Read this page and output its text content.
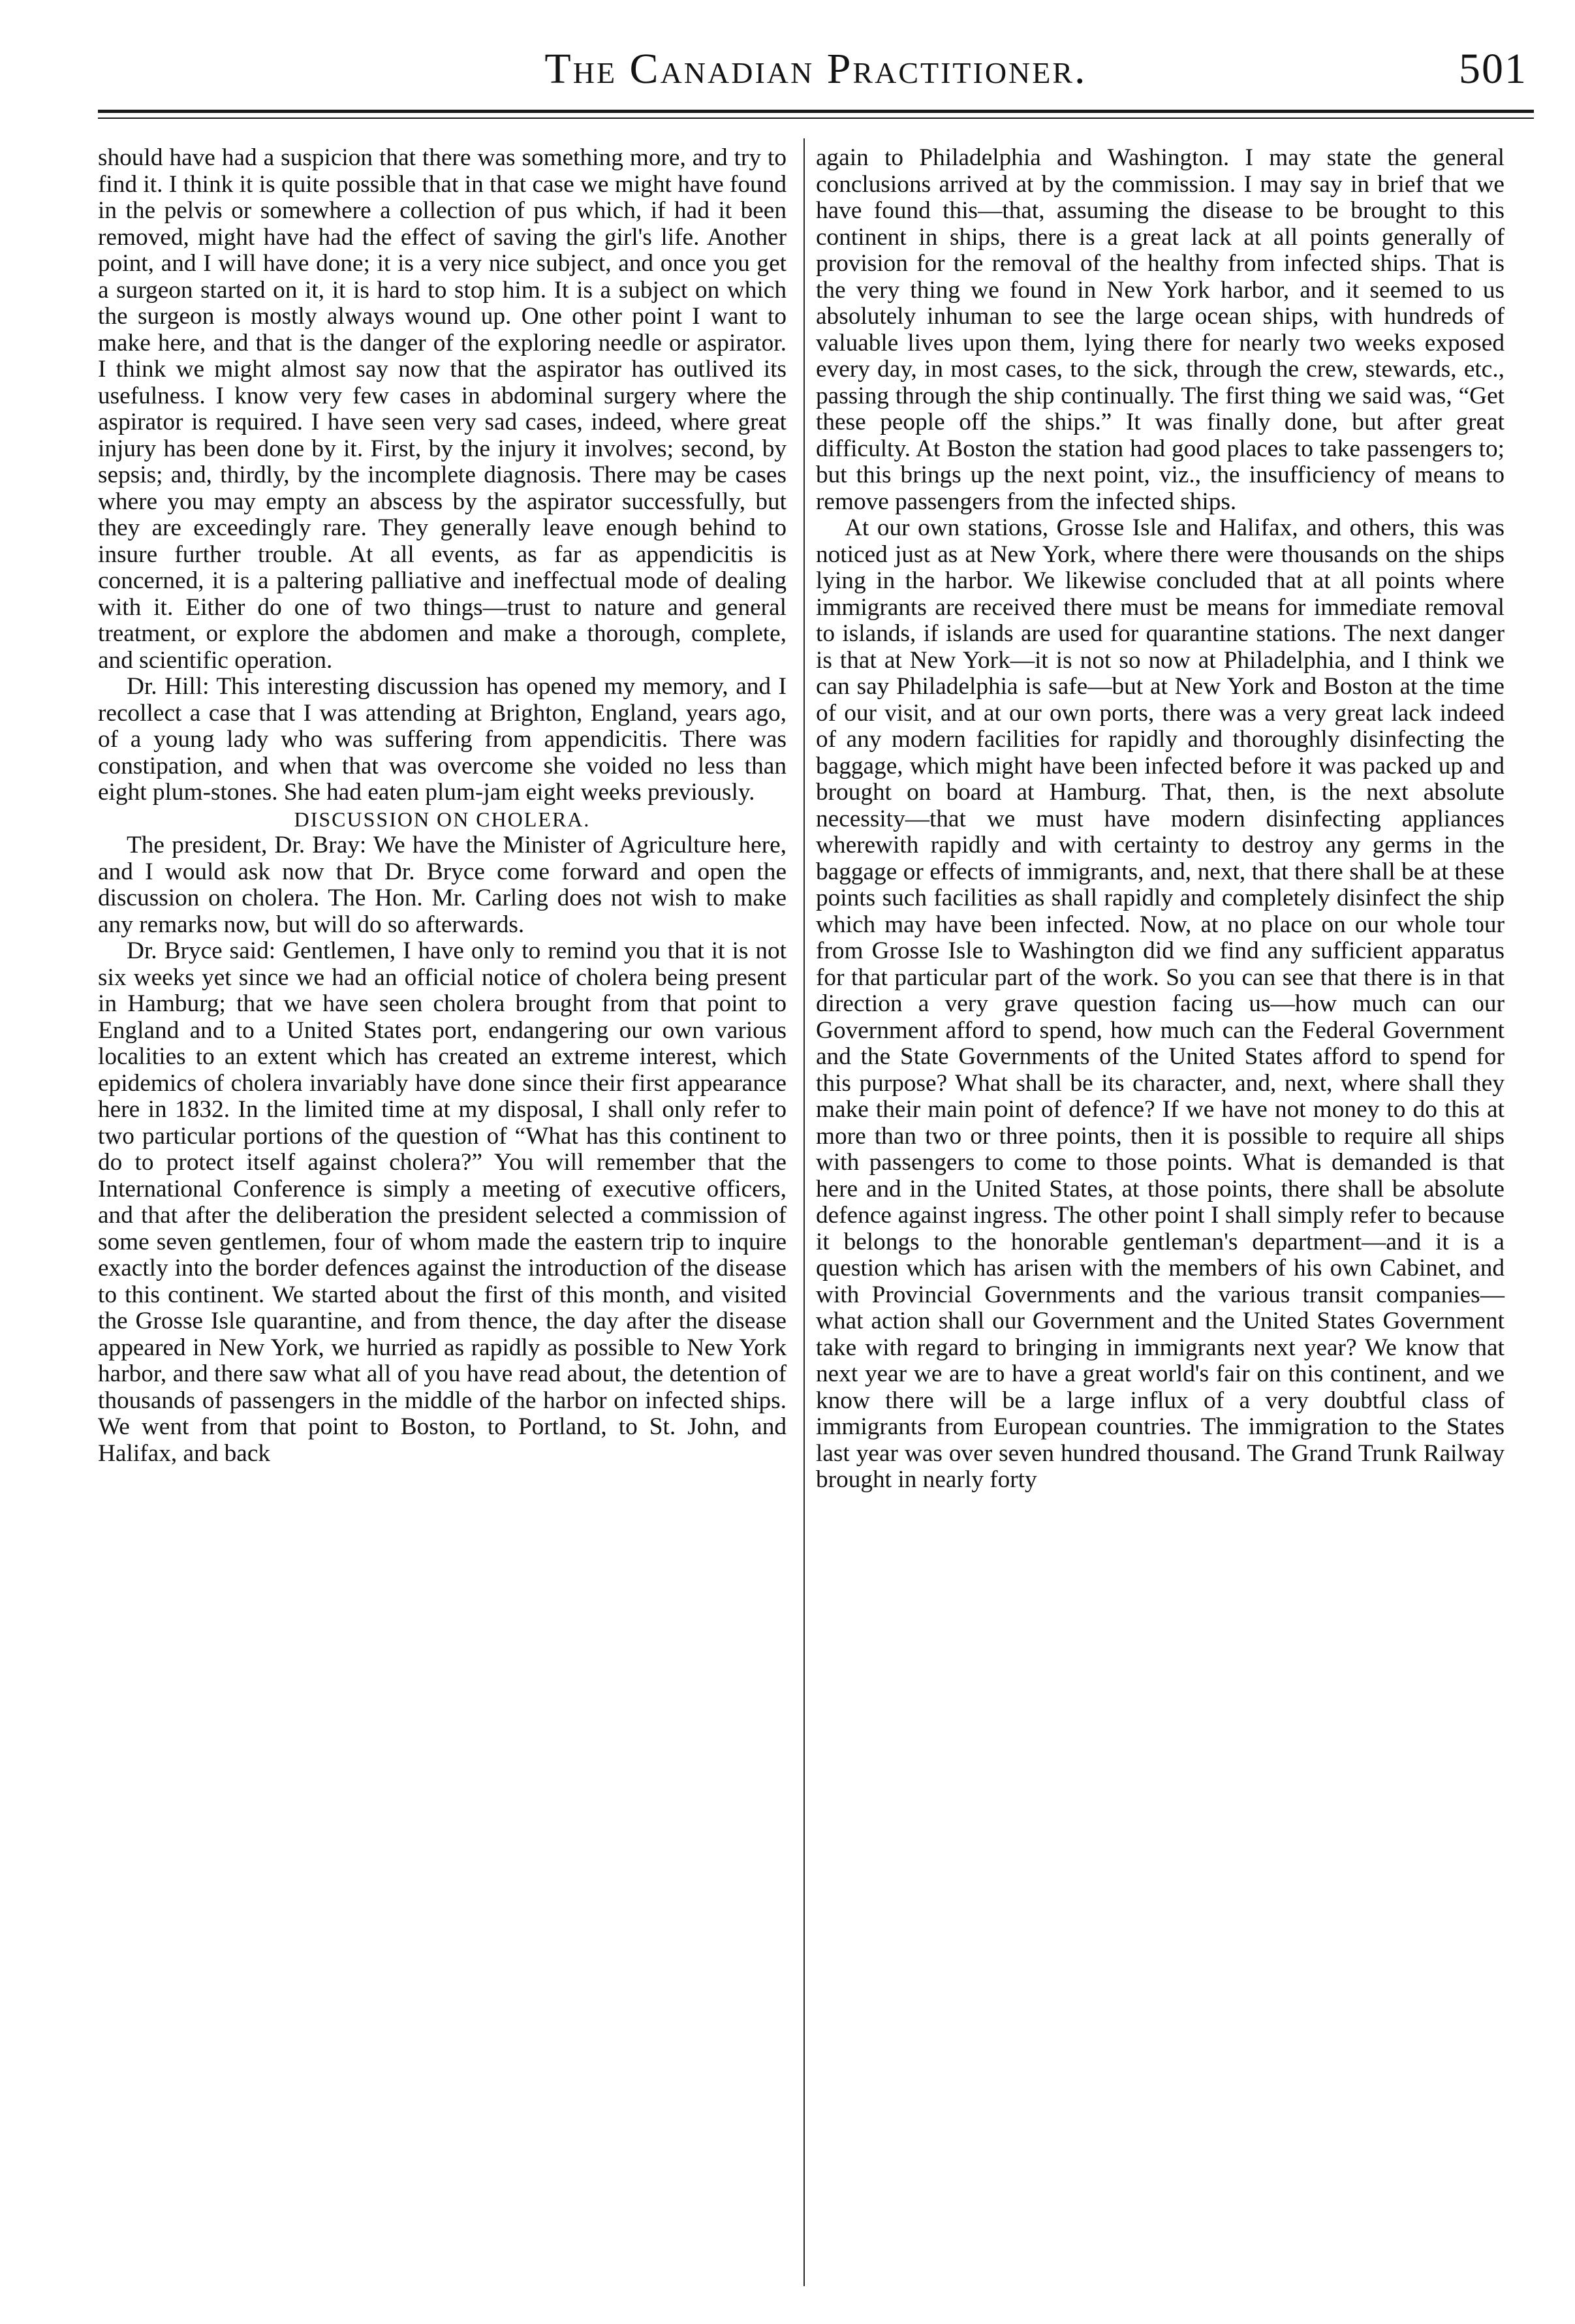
The Canadian Practitioner.	501

should have had a suspicion that there was something more, and try to find it. I think it is quite possible that in that case we might have found in the pelvis or somewhere a collection of pus which, if had it been removed, might have had the effect of saving the girl's life. Another point, and I will have done; it is a very nice subject, and once you get a surgeon started on it, it is hard to stop him. It is a subject on which the surgeon is mostly always wound up. One other point I want to make here, and that is the danger of the exploring needle or aspirator. I think we might almost say now that the aspirator has outlived its usefulness. I know very few cases in abdominal surgery where the aspirator is required. I have seen very sad cases, indeed, where great injury has been done by it. First, by the injury it involves; second, by sepsis; and, thirdly, by the incomplete diagnosis. There may be cases where you may empty an abscess by the aspirator successfully, but they are exceedingly rare. They generally leave enough behind to insure further trouble. At all events, as far as appendicitis is concerned, it is a paltering palliative and ineffectual mode of dealing with it. Either do one of two things—trust to nature and general treatment, or explore the abdomen and make a thorough, complete, and scientific operation.

Dr. Hill: This interesting discussion has opened my memory, and I recollect a case that I was attending at Brighton, England, years ago, of a young lady who was suffering from appendicitis. There was constipation, and when that was overcome she voided no less than eight plum-stones. She had eaten plum-jam eight weeks previously.

DISCUSSION ON CHOLERA.

The president, Dr. Bray: We have the Minister of Agriculture here, and I would ask now that Dr. Bryce come forward and open the discussion on cholera. The Hon. Mr. Carling does not wish to make any remarks now, but will do so afterwards.

Dr. Bryce said: Gentlemen, I have only to remind you that it is not six weeks yet since we had an official notice of cholera being present in Hamburg; that we have seen cholera brought from that point to England and to a United States port, endangering our own various localities to an extent which has created an extreme interest, which epidemics of cholera invariably have done since their first appearance here in 1832. In the limited time at my disposal, I shall only refer to two particular portions of the question of “What has this continent to do to protect itself against cholera?” You will remember that the International Conference is simply a meeting of executive officers, and that after the deliberation the president selected a commission of some seven gentlemen, four of whom made the eastern trip to inquire exactly into the border defences against the introduction of the disease to this continent. We started about the first of this month, and visited the Grosse Isle quarantine, and from thence, the day after the disease appeared in New York, we hurried as rapidly as possible to New York harbor, and there saw what all of you have read about, the detention of thousands of passengers in the middle of the harbor on infected ships. We went from that point to Boston, to Portland, to St. John, and Halifax, and back

again to Philadelphia and Washington. I may state the general conclusions arrived at by the commission. I may say in brief that we have found this—that, assuming the disease to be brought to this continent in ships, there is a great lack at all points generally of provision for the removal of the healthy from infected ships. That is the very thing we found in New York harbor, and it seemed to us absolutely inhuman to see the large ocean ships, with hundreds of valuable lives upon them, lying there for nearly two weeks exposed every day, in most cases, to the sick, through the crew, stewards, etc., passing through the ship continually. The first thing we said was, “Get these people off the ships.” It was finally done, but after great difficulty. At Boston the station had good places to take passengers to; but this brings up the next point, viz., the insufficiency of means to remove passengers from the infected ships.

At our own stations, Grosse Isle and Halifax, and others, this was noticed just as at New York, where there were thousands on the ships lying in the harbor. We likewise concluded that at all points where immigrants are received there must be means for immediate removal to islands, if islands are used for quarantine stations. The next danger is that at New York—it is not so now at Philadelphia, and I think we can say Philadelphia is safe—but at New York and Boston at the time of our visit, and at our own ports, there was a very great lack indeed of any modern facilities for rapidly and thoroughly disinfecting the baggage, which might have been infected before it was packed up and brought on board at Hamburg. That, then, is the next absolute necessity—that we must have modern disinfecting appliances wherewith rapidly and with certainty to destroy any germs in the baggage or effects of immigrants, and, next, that there shall be at these points such facilities as shall rapidly and completely disinfect the ship which may have been infected. Now, at no place on our whole tour from Grosse Isle to Washington did we find any sufficient apparatus for that particular part of the work. So you can see that there is in that direction a very grave question facing us—how much can our Government afford to spend, how much can the Federal Government and the State Governments of the United States afford to spend for this purpose? What shall be its character, and, next, where shall they make their main point of defence? If we have not money to do this at more than two or three points, then it is possible to require all ships with passengers to come to those points. What is demanded is that here and in the United States, at those points, there shall be absolute defence against ingress. The other point I shall simply refer to because it belongs to the honorable gentleman's department—and it is a question which has arisen with the members of his own Cabinet, and with Provincial Governments and the various transit companies—what action shall our Government and the United States Government take with regard to bringing in immigrants next year? We know that next year we are to have a great world's fair on this continent, and we know there will be a large influx of a very doubtful class of immigrants from European countries. The immigration to the States last year was over seven hundred thousand. The Grand Trunk Railway brought in nearly forty
